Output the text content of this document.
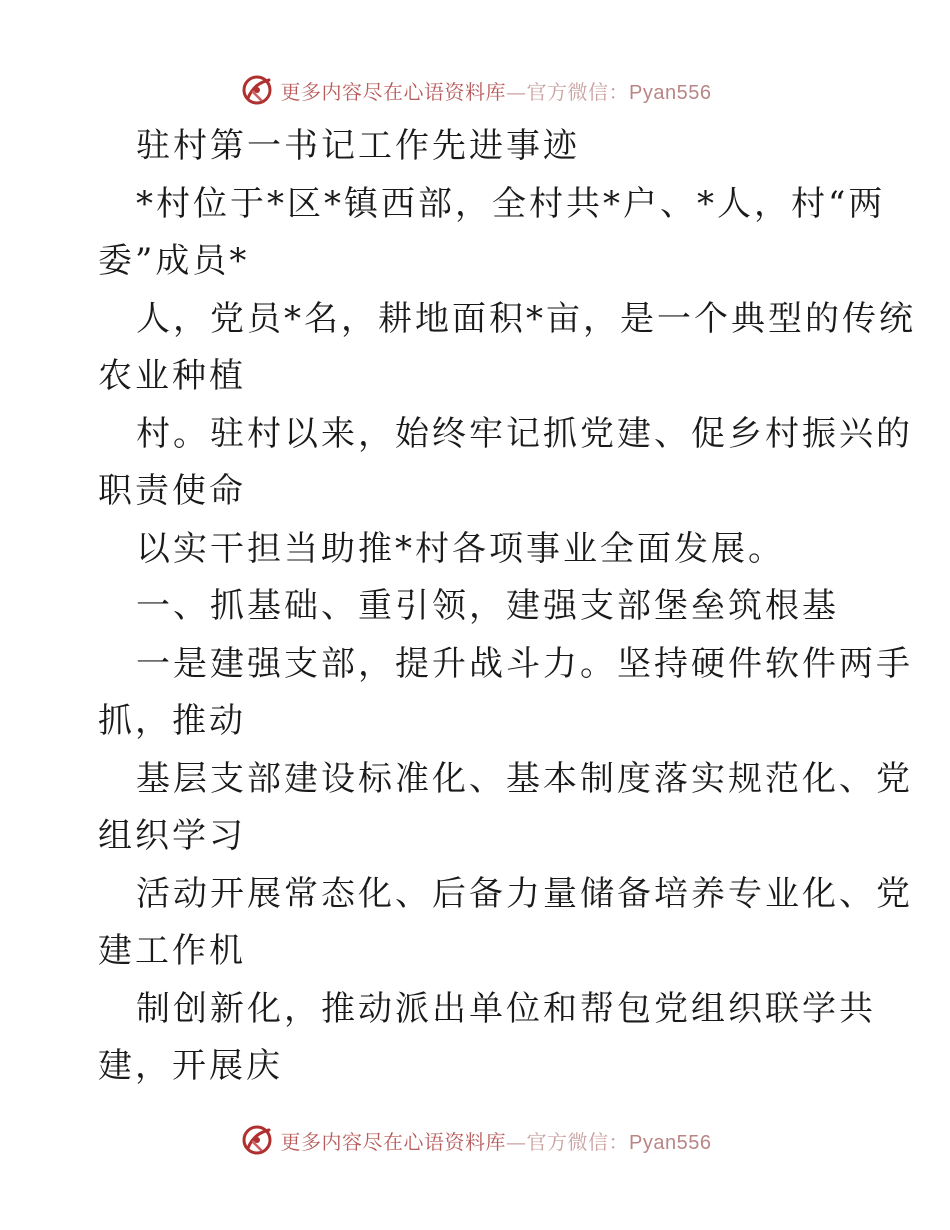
更多内容尽在心语资料库—官方微信：Pyan556
驻村第一书记工作先进事迹
*村位于*区*镇西部，全村共*户、*人，村“两
委”成员*
人，党员*名，耕地面积*亩，是一个典型的传统
农业种植
村。驻村以来，始终牢记抓党建、促乡村振兴的
职责使命
以实干担当助推*村各项事业全面发展。
一、抓基础、重引领，建强支部堡垒筑根基
一是建强支部，提升战斗力。坚持硬件软件两手
抓，推动
基层支部建设标准化、基本制度落实规范化、党
组织学习
活动开展常态化、后备力量储备培养专业化、党
建工作机
制创新化，推动派出单位和帮包党组织联学共
建，开展庆
更多内容尽在心语资料库—官方微信：Pyan556
